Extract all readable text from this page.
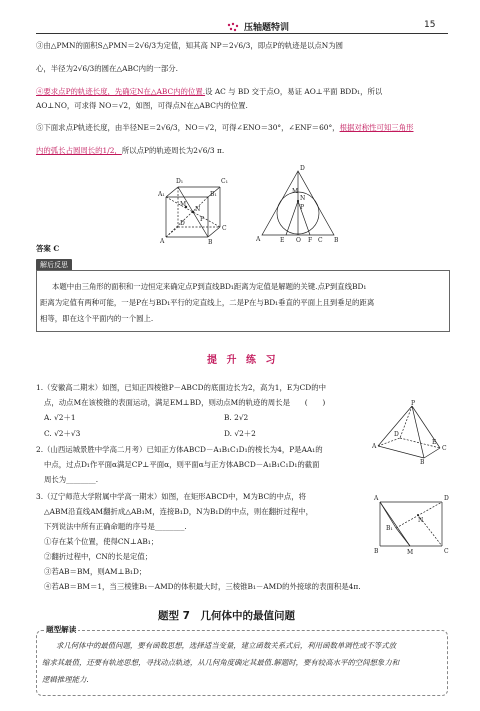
压轴题特训	15
③由△PMN的面积S△PMN＝2√6/3为定值，知其高 NP＝2√6/3，即点P的轨迹是以点N为圆
心，半径为2√6/3的圆在△ABC内的一部分.
④要求点P的轨迹长度，先确定N在△ABC内的位置.设 AC 与 BD 交于点O，易证 AO⊥平面 BDD₁，所以
AO⊥NO，可求得 NO＝√2，如图，可得点N在△ABC内的位置.
⑤下面求点P轨迹长度，由半径NE＝2√6/3，NO＝√2，可得∠ENO＝30°，∠ENF＝60°，根据对称性可知三角形
内的弧长占圆周长的1/2，所以点P的轨迹周长为2√6/3 π.
D₁	C₁
A₁	B₁
D
C
A	B
N
M
P
D
M
N
P
A	E O F C B
答案 C
解后反思
本题中由三角形的面积和一边恒定来确定点P到直线BD₁距离为定值是解题的关键.点P到直线BD₁
距离为定值有两种可能，一是P在与BD₁平行的定直线上，二是P在与BD₁垂直的平面上且到垂足的距离
相等，即在这个平面内的一个圆上.
提 升 练 习
1.（安徽高二期末）如图，已知正四棱锥P－ABCD的底面边长为2，高为1，E为CD的中
点，动点M在该棱锥的表面运动，满足EM⊥BD，则动点M的轨迹的周长是　　(　　)
A. √2＋1	B. 2√2
C. √2＋√3	D. √2＋2
P
D
C
A
E
B
2.（山西运城景胜中学高二月考）已知正方体ABCD－A₁B₁C₁D₁的棱长为4，P是AA₁的
中点，过点D₁作平面α满足CP⊥平面α，则平面α与正方体ABCD－A₁B₁C₁D₁的截面
周长为________.
3.（辽宁师范大学附属中学高一期末）如图，在矩形ABCD中，M为BC的中点，将
△ABM沿直线AM翻折成△AB₁M，连接B₁D，N为B₁D的中点，则在翻折过程中，
下列说法中所有正确命题的序号是________.
①存在某个位置，使得CN⊥AB₁；
②翻折过程中，CN的长是定值；
③若AB＝BM，则AM⊥B₁D；
④若AB＝BM＝1，当三棱锥B₁－AMD的体积最大时，三棱锥B₁－AMD的外接球的表面积是4π.
A	D
B₁
N
B	M	C
题型 7　几何体中的最值问题
题型解读
求几何体中的最值问题，要有函数思想，选择适当变量，建立函数关系式后，利用函数单调性或不等式放
缩求其最值，还要有轨迹思想，寻找动点轨迹，从几何角度确定其最值.解题时，要有较高水平的空间想象力和
逻辑推理能力.
